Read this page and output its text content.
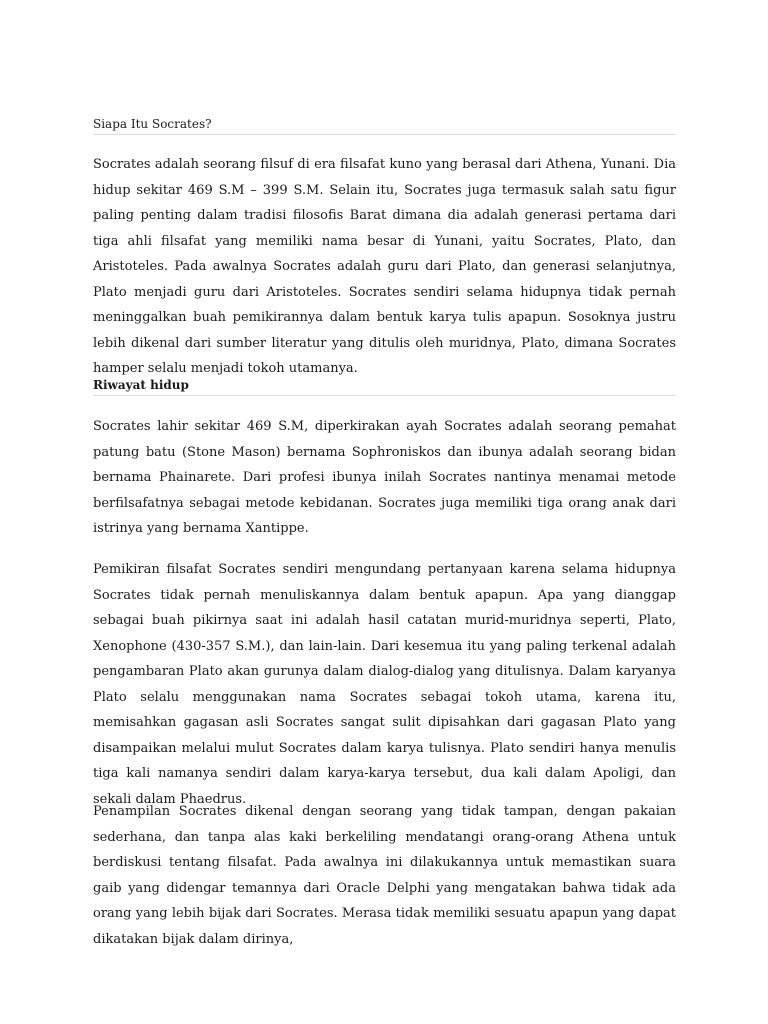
Siapa Itu Socrates?

Socrates adalah seorang filsuf di era filsafat kuno yang berasal dari Athena, Yunani. Dia hidup sekitar 469 S.M – 399 S.M. Selain itu, Socrates juga termasuk salah satu figur paling penting dalam tradisi filosofis Barat dimana dia adalah generasi pertama dari tiga ahli filsafat yang memiliki nama besar di Yunani, yaitu Socrates, Plato, dan Aristoteles. Pada awalnya Socrates adalah guru dari Plato, dan generasi selanjutnya, Plato menjadi guru dari Aristoteles. Socrates sendiri selama hidupnya tidak pernah meninggalkan buah pemikirannya dalam bentuk karya tulis apapun. Sosoknya justru lebih dikenal dari sumber literatur yang ditulis oleh muridnya, Plato, dimana Socrates hamper selalu menjadi tokoh utamanya.

Riwayat hidup

Socrates lahir sekitar 469 S.M, diperkirakan ayah Socrates adalah seorang pemahat patung batu (Stone Mason) bernama Sophroniskos dan ibunya adalah seorang bidan bernama Phainarete. Dari profesi ibunya inilah Socrates nantinya menamai metode berfilsafatnya sebagai metode kebidanan. Socrates juga memiliki tiga orang anak dari istrinya yang bernama Xantippe.

Pemikiran filsafat Socrates sendiri mengundang pertanyaan karena selama hidupnya Socrates tidak pernah menuliskannya dalam bentuk apapun. Apa yang dianggap sebagai buah pikirnya saat ini adalah hasil catatan murid-muridnya seperti, Plato, Xenophone (430-357 S.M.), dan lain-lain. Dari kesemua itu yang paling terkenal adalah pengambaran Plato akan gurunya dalam dialog-dialog yang ditulisnya. Dalam karyanya Plato selalu menggunakan nama Socrates sebagai tokoh utama, karena itu, memisahkan gagasan asli Socrates sangat sulit dipisahkan dari gagasan Plato yang disampaikan melalui mulut Socrates dalam karya tulisnya. Plato sendiri hanya menulis tiga kali namanya sendiri dalam karya-karya tersebut, dua kali dalam Apoligi, dan sekali dalam Phaedrus.

Penampilan Socrates dikenal dengan seorang yang tidak tampan, dengan pakaian sederhana, dan tanpa alas kaki berkeliling mendatangi orang-orang Athena untuk berdiskusi tentang filsafat. Pada awalnya ini dilakukannya untuk memastikan suara gaib yang didengar temannya dari Oracle Delphi yang mengatakan bahwa tidak ada orang yang lebih bijak dari Socrates. Merasa tidak memiliki sesuatu apapun yang dapat dikatakan bijak dalam dirinya,
